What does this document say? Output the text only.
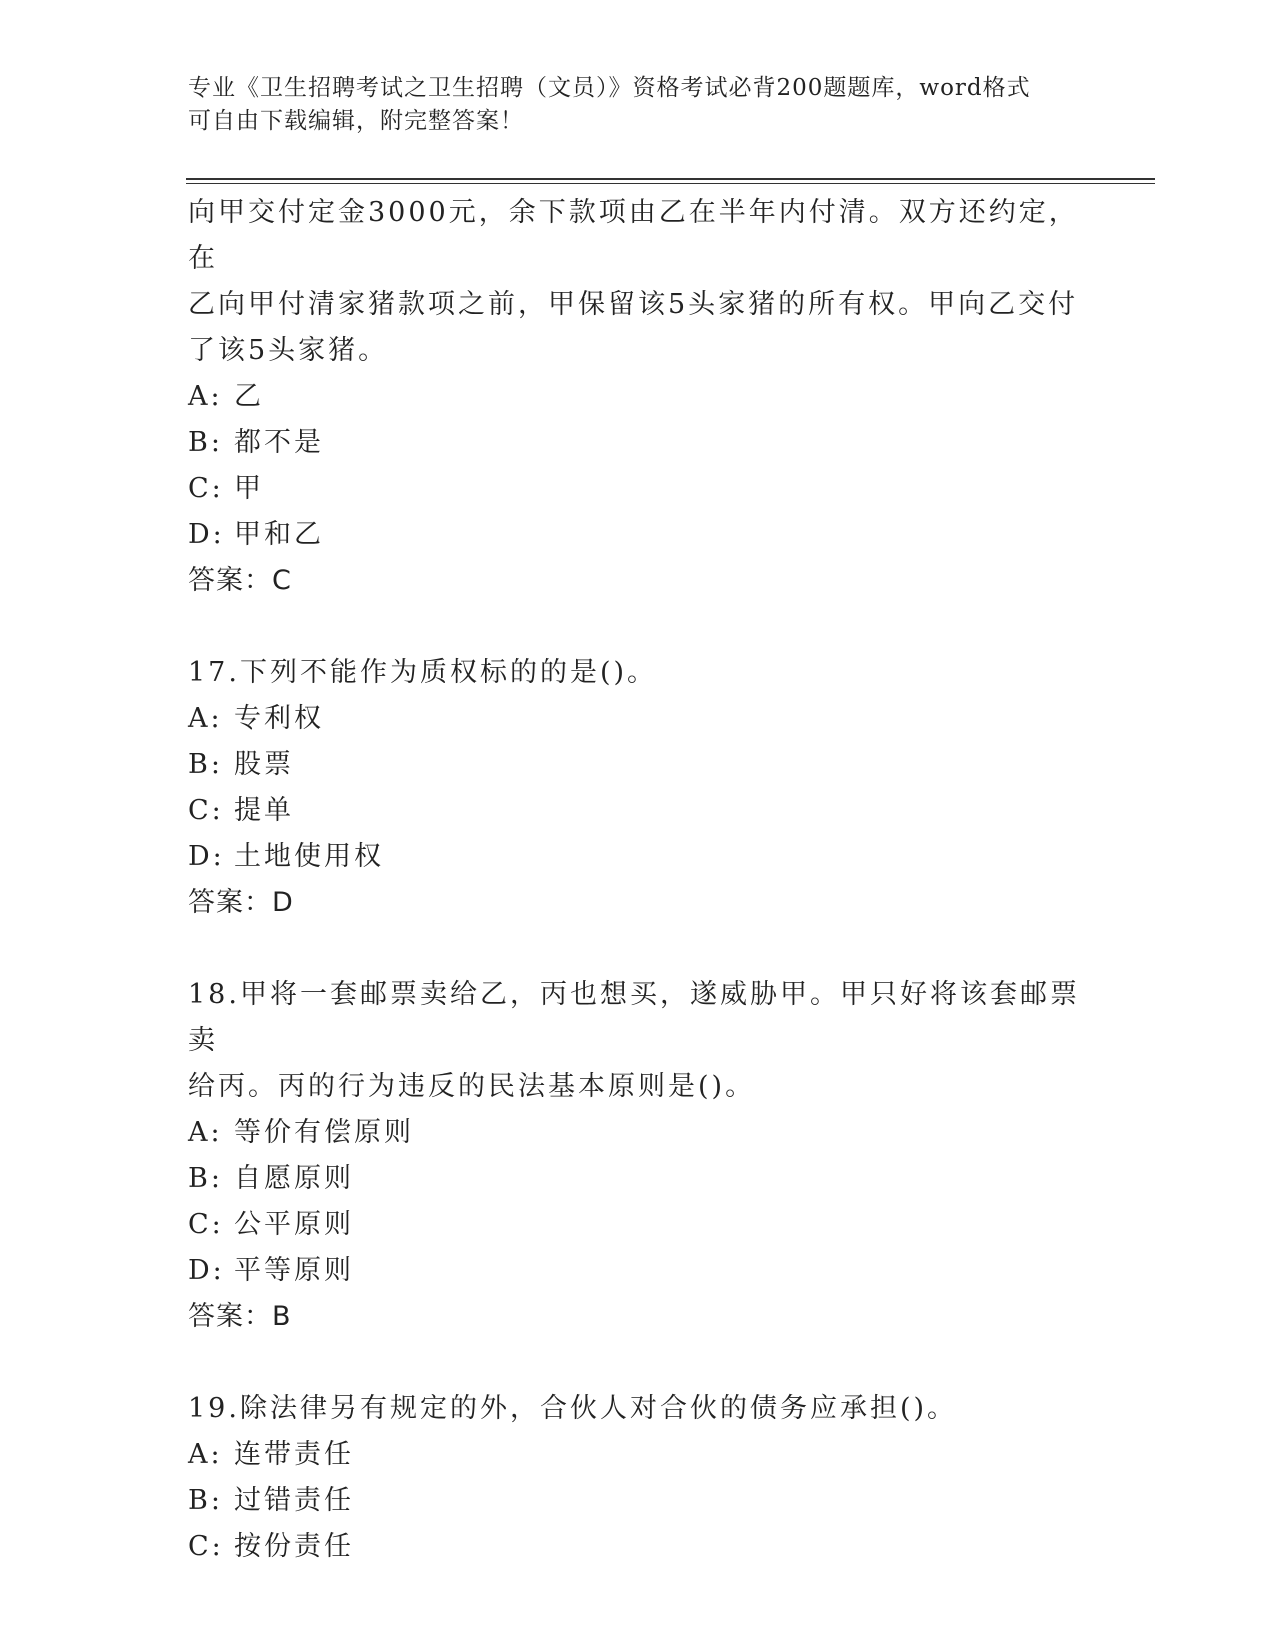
专业《卫生招聘考试之卫生招聘（文员）》资格考试必背200题题库，word格式
可自由下载编辑，附完整答案！
向甲交付定金3000元，余下款项由乙在半年内付清。双方还约定，在
乙向甲付清家猪款项之前，甲保留该5头家猪的所有权。甲向乙交付
了该5头家猪。
A: 乙
B: 都不是
C: 甲
D: 甲和乙
答案：C
17.下列不能作为质权标的的是()。
A: 专利权
B: 股票
C: 提单
D: 土地使用权
答案：D
18.甲将一套邮票卖给乙，丙也想买，遂威胁甲。甲只好将该套邮票卖
给丙。丙的行为违反的民法基本原则是()。
A: 等价有偿原则
B: 自愿原则
C: 公平原则
D: 平等原则
答案：B
19.除法律另有规定的外，合伙人对合伙的债务应承担()。
A: 连带责任
B: 过错责任
C: 按份责任
